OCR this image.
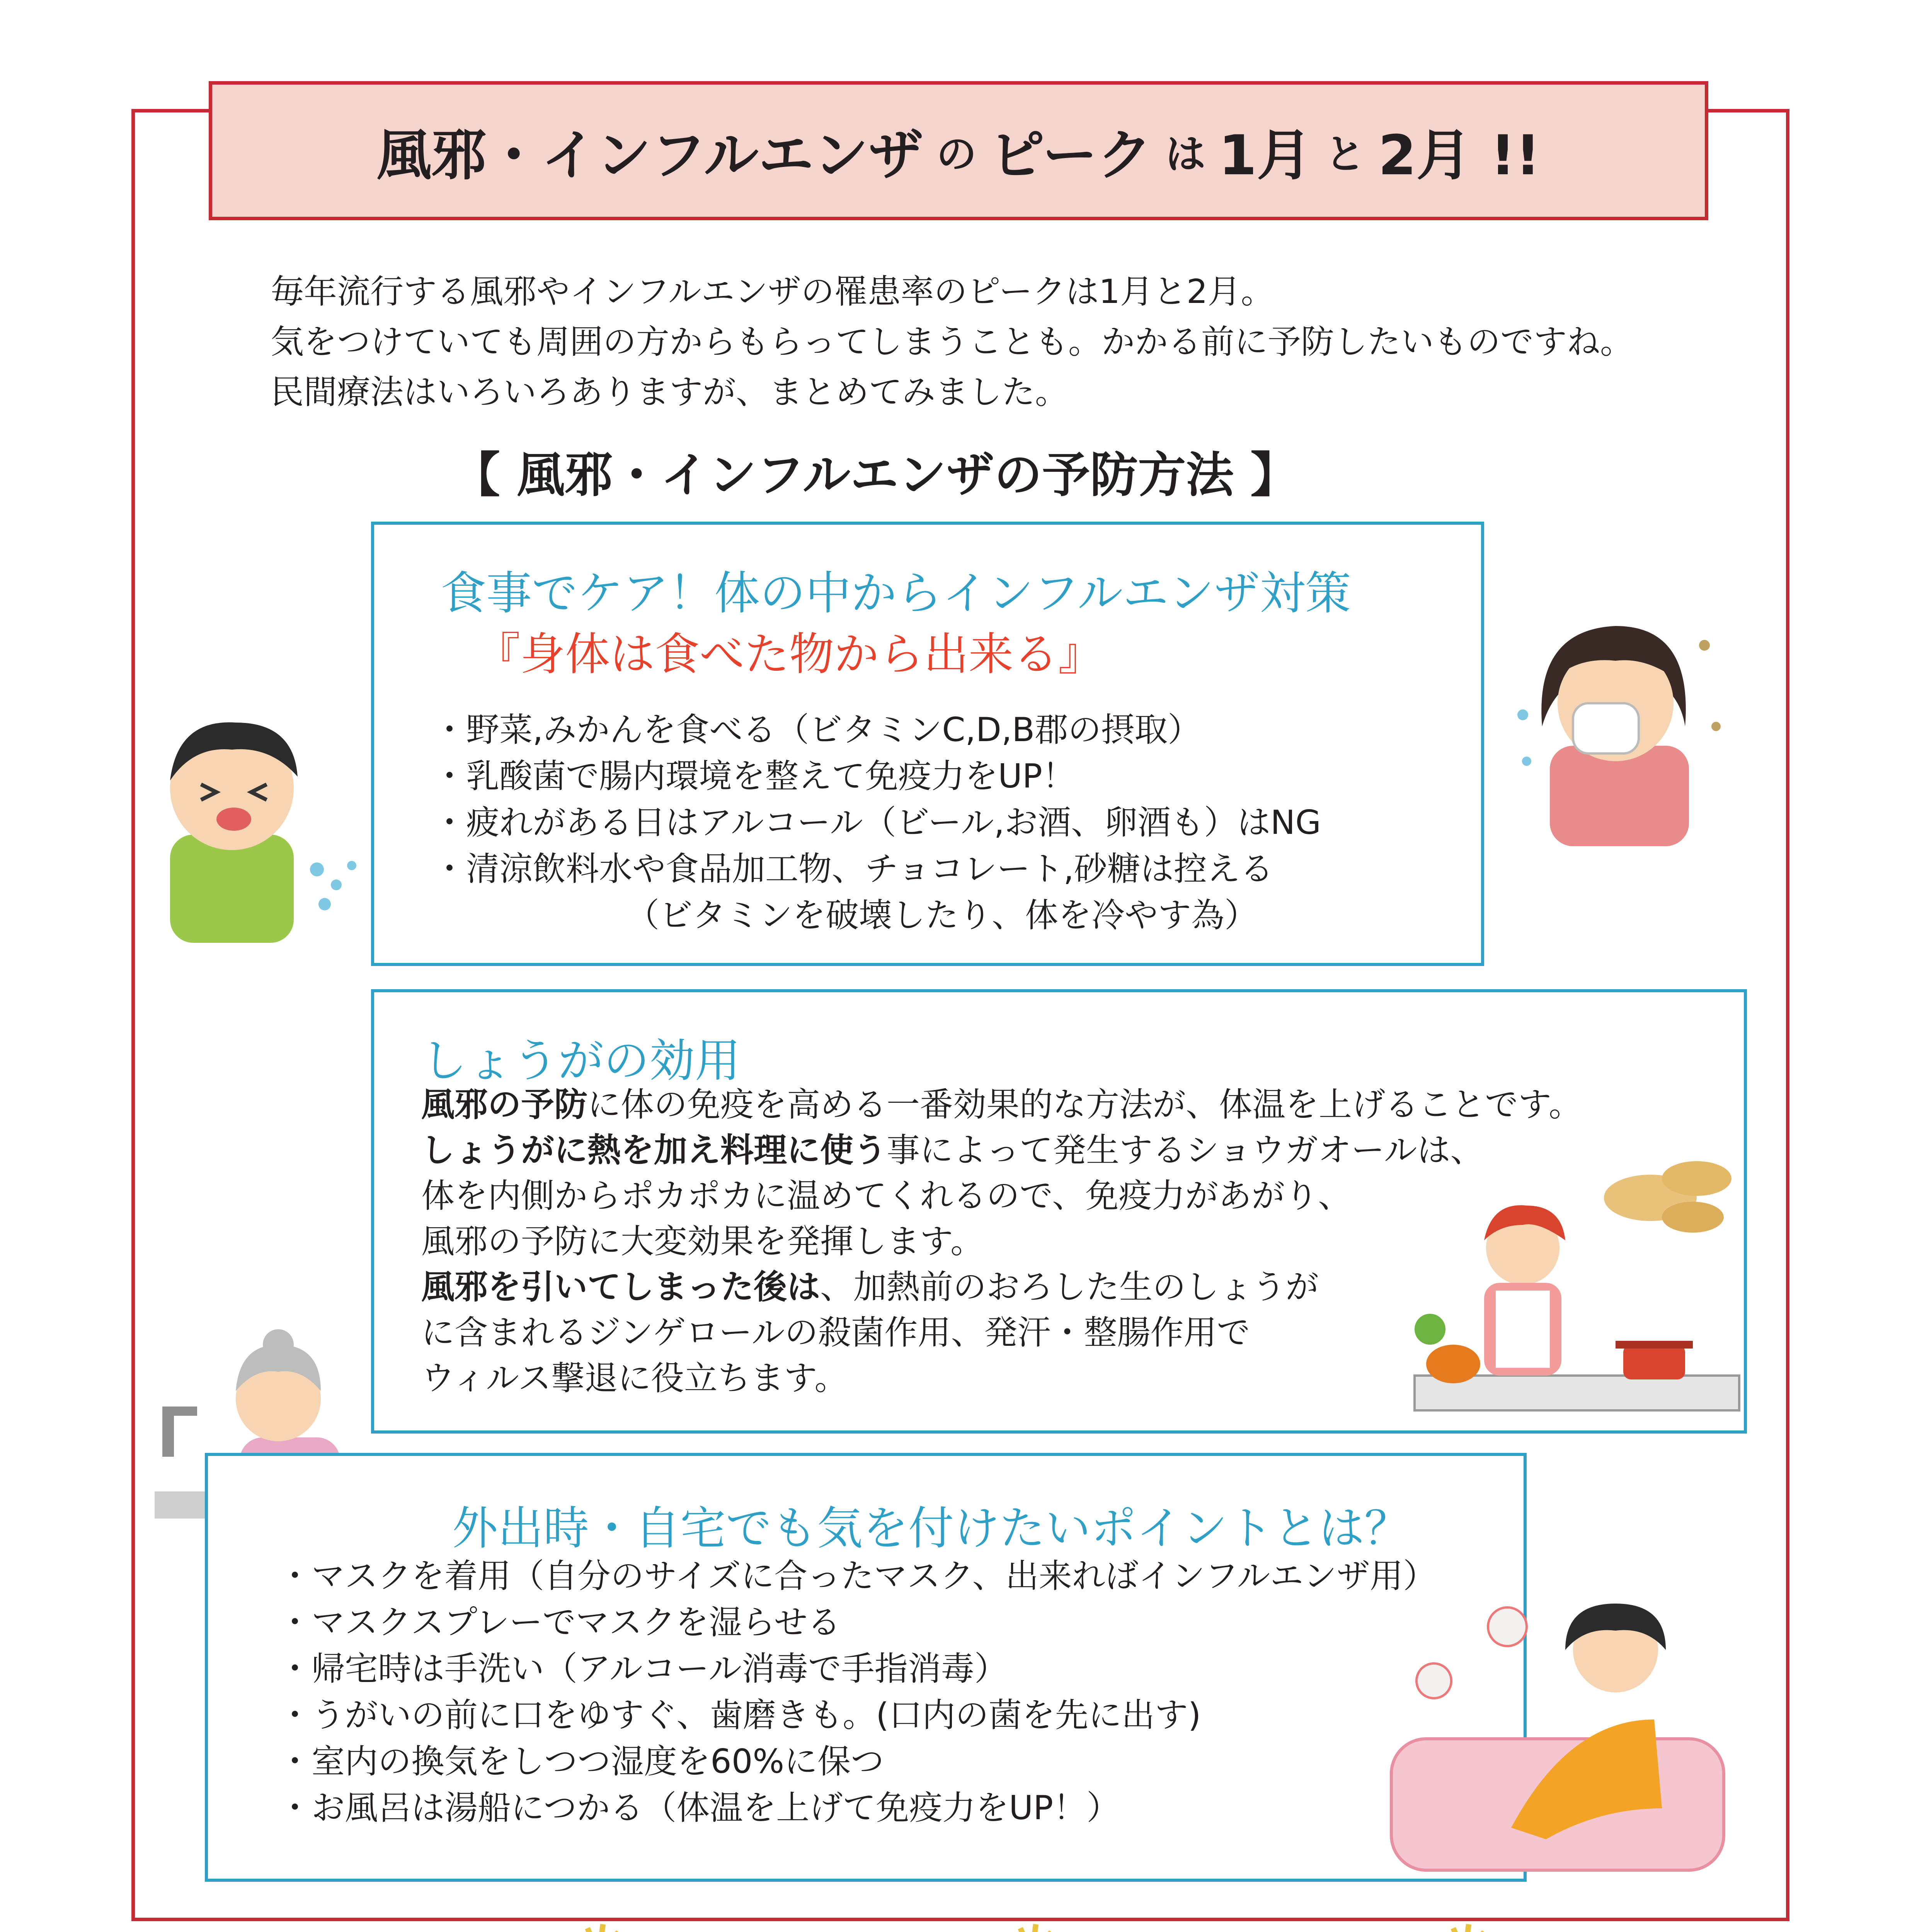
風邪・インフルエンザ の ピーク は 1月 と 2月 !!
毎年流行する風邪やインフルエンザの罹患率のピークは1月と2月。
気をつけていても周囲の方からもらってしまうことも。かかる前に予防したいものですね。
民間療法はいろいろありますが、まとめてみました。
【 風邪・インフルエンザの予防方法 】
食事でケア！体の中からインフルエンザ対策
『身体は食べた物から出来る』
・野菜,みかんを食べる（ビタミンC,D,B郡の摂取）
・乳酸菌で腸内環境を整えて免疫力をUP！
・疲れがある日はアルコール（ビール,お酒、卵酒も）はNG
・清涼飲料水や食品加工物、チョコレート,砂糖は控える
（ビタミンを破壊したり、体を冷やす為）
しょうがの効用
風邪の予防に体の免疫を高める一番効果的な方法が、体温を上げることです。
しょうがに熱を加え料理に使う事によって発生するショウガオールは、
体を内側からポカポカに温めてくれるので、免疫力があがり、
風邪の予防に大変効果を発揮します。
風邪を引いてしまった後は、加熱前のおろした生のしょうが
に含まれるジンゲロールの殺菌作用、発汗・整腸作用で
ウィルス撃退に役立ちます。
外出時・自宅でも気を付けたいポイントとは？
・マスクを着用（自分のサイズに合ったマスク、出来ればインフルエンザ用）
・マスクスプレーでマスクを湿らせる
・帰宅時は手洗い（アルコール消毒で手指消毒）
・うがいの前に口をゆすぐ、歯磨きも。(口内の菌を先に出す)
・室内の換気をしつつ湿度を60%に保つ
・お風呂は湯船につかる（体温を上げて免疫力をUP！）
